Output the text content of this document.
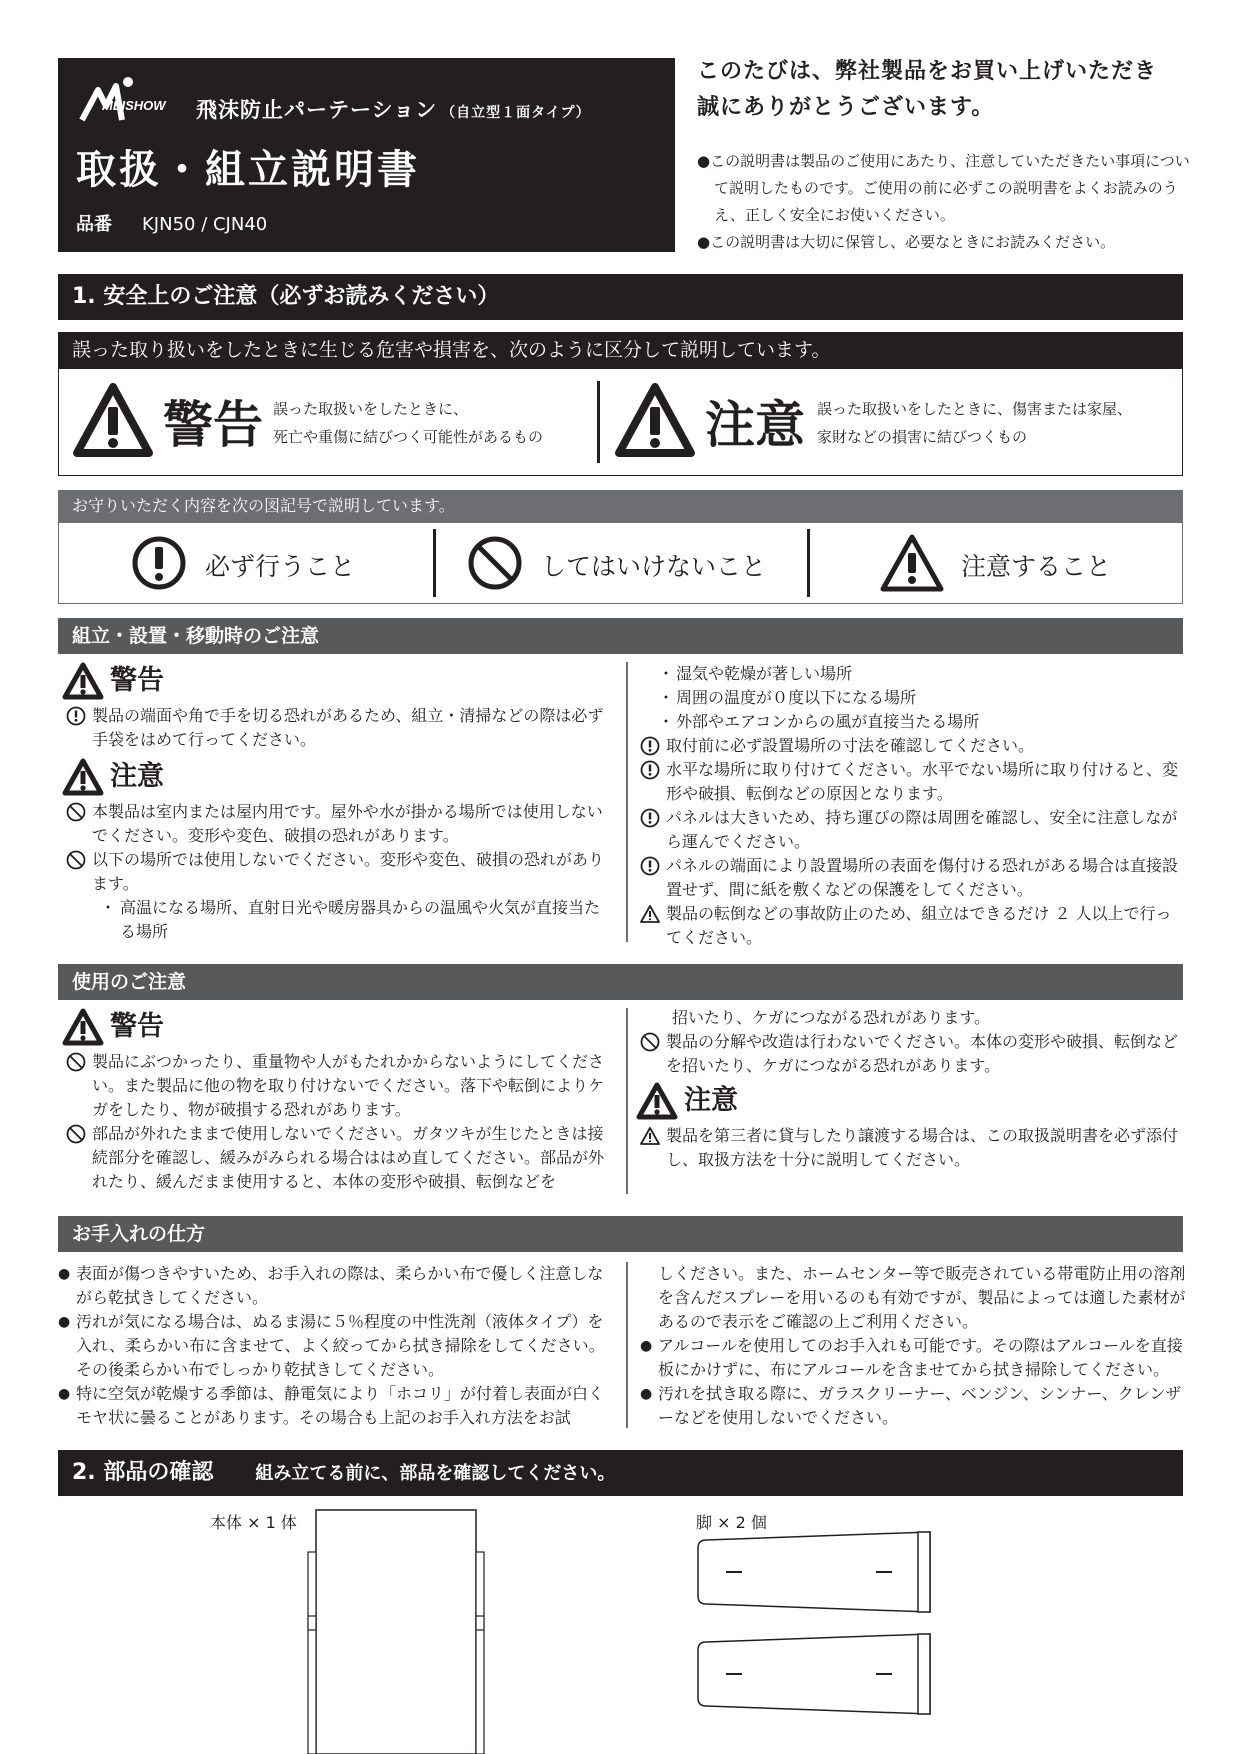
MEISHOW 飛沫防止パーテーション （自立型１面タイプ）
取扱・組立説明書
品番 KJN50 / CJN40
このたびは、弊社製品をお買い上げいただき
誠にありがとうございます。
●この説明書は製品のご使用にあたり、注意していただきたい事項について説明したものです。ご使用の前に必ずこの説明書をよくお読みのうえ、正しく安全にお使いください。
●この説明書は大切に保管し、必要なときにお読みください。
1. 安全上のご注意（必ずお読みください）
誤った取り扱いをしたときに生じる危害や損害を、次のように区分して説明しています。
警告 誤った取扱いをしたときに、
死亡や重傷に結びつく可能性があるもの	注意 誤った取扱いをしたときに、傷害または家屋、
家財などの損害に結びつくもの
お守りいただく内容を次の図記号で説明しています。
必ず行うこと	してはいけないこと	注意すること
組立・設置・移動時のご注意
警告
製品の端面や角で手を切る恐れがあるため、組立・清掃などの際は必ず手袋をはめて行ってください。
注意
本製品は室内または屋内用です。屋外や水が掛かる場所では使用しないでください。変形や変色、破損の恐れがあります。
以下の場所では使用しないでください。変形や変色、破損の恐れがあります。
・ 高温になる場所、直射日光や暖房器具からの温風や火気が直接当たる場所
・ 湿気や乾燥が著しい場所
・ 周囲の温度が０度以下になる場所
・ 外部やエアコンからの風が直接当たる場所
取付前に必ず設置場所の寸法を確認してください。
水平な場所に取り付けてください。水平でない場所に取り付けると、変形や破損、転倒などの原因となります。
パネルは大きいため、持ち運びの際は周囲を確認し、安全に注意しながら運んでください。
パネルの端面により設置場所の表面を傷付ける恐れがある場合は直接設置せず、間に紙を敷くなどの保護をしてください。
製品の転倒などの事故防止のため、組立はできるだけ ２ 人以上で行ってください。
使用のご注意
警告
製品にぶつかったり、重量物や人がもたれかからないようにしてください。また製品に他の物を取り付けないでください。落下や転倒によりケガをしたり、物が破損する恐れがあります。
部品が外れたままで使用しないでください。ガタツキが生じたときは接続部分を確認し、緩みがみられる場合ははめ直してください。部品が外れたり、緩んだまま使用すると、本体の変形や破損、転倒などを
招いたり、ケガにつながる恐れがあります。
製品の分解や改造は行わないでください。本体の変形や破損、転倒などを招いたり、ケガにつながる恐れがあります。
注意
製品を第三者に貸与したり譲渡する場合は、この取扱説明書を必ず添付し、取扱方法を十分に説明してください。
お手入れの仕方
● 表面が傷つきやすいため、お手入れの際は、柔らかい布で優しく注意しながら乾拭きしてください。
● 汚れが気になる場合は、ぬるま湯に５％程度の中性洗剤（液体タイプ）を入れ、柔らかい布に含ませて、よく絞ってから拭き掃除をしてください。その後柔らかい布でしっかり乾拭きしてください。
● 特に空気が乾燥する季節は、静電気により「ホコリ」が付着し表面が白くモヤ状に曇ることがあります。その場合も上記のお手入れ方法をお試
しください。また、ホームセンター等で販売されている帯電防止用の溶剤を含んだスプレーを用いるのも有効ですが、製品によっては適した素材があるので表示をご確認の上ご利用ください。
● アルコールを使用してのお手入れも可能です。その際はアルコールを直接板にかけずに、布にアルコールを含ませてから拭き掃除してください。
● 汚れを拭き取る際に、ガラスクリーナー、ベンジン、シンナー、クレンザーなどを使用しないでください。
2. 部品の確認 組み立てる前に、部品を確認してください。
本体 × 1 体	脚 × 2 個
